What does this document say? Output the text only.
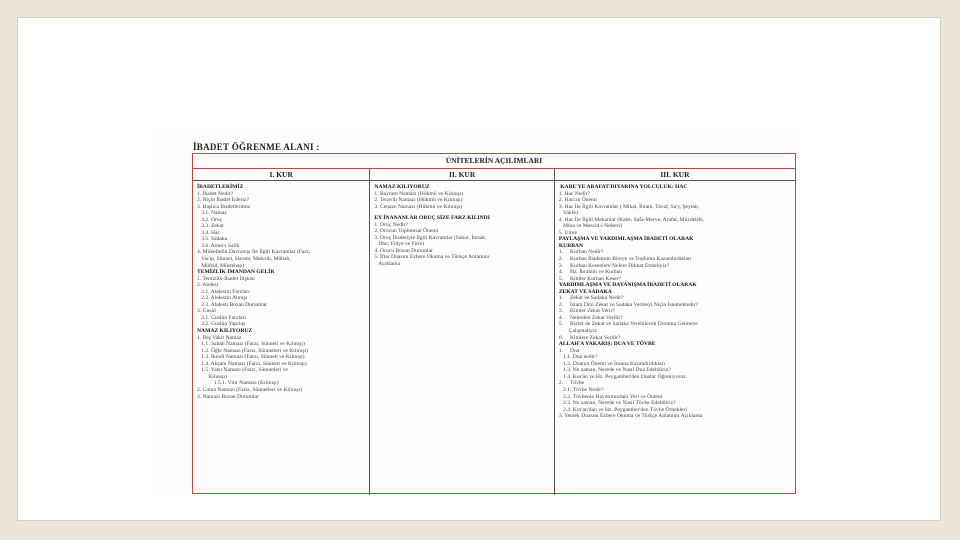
İBADET ÖĞRENME ALANI :
ÜNİTELERİN AÇILIMLARI
I. KUR
İBADETLERİMİZ
1. İbadet Nedir?
2. Niçin İbadet Ederiz?
3. Başlıca İbadetlerimiz
3.1. Namaz
3.2. Oruç
3.3. Zekat
3.4. Hac
3.5. Sadaka
3.6. Amel-i Salih
4. Mükellefin Davranışı İle İlgili Kavramlar (Farz,
Vacip, Sünnet, Haram, Mekruh, Mübah,
Müfsid, Müstehap)
TEMİZLİK İMANDAN GELİR
1. Temizlik-İbadet İlişkisi
2. Abdest
2.1. Abdestin Farzları
2.2. Abdestin Alınışı
2.3. Abdesti Bozan Durumlar
3. Gusül
3.1. Guslün Farzları
3.2. Guslün Yapılışı
NAMAZ KILIYORUZ
1. Beş Vakit Namaz
1.1. Sabah Namazı (Farzı, Sünneti ve Kılınışı)
1.2. Öğle Namazı (Farzı, Sünnetleri ve Kılınışı)
1.3. İkindi Namazı (Farzı, Sünneti ve Kılınışı)
1.4. Akşam Namazı (Farzı, Sünneti ve Kılınışı)
1.5. Yatsı Namazı (Farzı, Sünnetleri ve
Kılınışı)
1.5.1. Vitir Namazı (Kılınışı)
2. Cuma Namazı (Farzı, Sünnetleri ve Kılınışı)
3. Namazı Bozan Durumlar
II. KUR
NAMAZ KILIYORUZ
1. Bayram Namazı (Hükmü ve Kılınışı)
2. Teravih Namazı (Hükmü ve Kılınışı)
3. Cenaze Namazı (Hükmü ve Kılınışı)
EY İNANANLAR ORUÇ SİZE FARZ KILINDI
1. Oruç Nedir?
2. Orucun Toplumsal Önemi
3. Oruç İbadetiyle İlgili Kavramlar (Sahur, İmsak,
İftar, Fidye ve Fitre)
4. Orucu Bozan Durumlar
5. İftar Duasını Ezbere Okuma ve Türkçe Anlamını
Açıklama
III. KUR
KABE'YE ARAFAT'DIYARINA YOLCULUK: HAC
1. Hac Nedir?
2. Haccın Önemi
3. Hac İle İlgili Kavramlar ( Mîkat, İhram, Tavaf, Sa'y, Şeytan,
Vakfe)
4. Hac İle İlgili Mekanlar (Kabe, Safa-Merve, Arafat, Müzdelife,
Mina ve Mescid-i Nebevi)
5. Umre
PAYLAŞMA VE YARDIMLAŞMA İBADETİ OLARAK
KURBAN
1.     Kurban Nedir?
2.     Kurban İbadetinin Bireye ve Topluma Kazandırdıkları
3.     Kurban Kesenlere Nelere Dikkat Etmeliyiz?
4.     Hz. İbrahim ve Kurban
5.     Kimler Kurban Keser?
YARDIMLAŞMA VE DAYANIŞMA İBADETİ OLARAK
ZEKAT VE SADAKA
1.     Zekat ve Sadaka Nedir?
2.     İslam Dini Zekat ve Sadaka Vermeyi Niçin İstemektedir?
3.     Kimler Zekat Verir?
4.     Nelerden Zekat Verilir?
5.     Bizler de Zekat ve Sadaka Verebilecek Duruma Gelmeye
Çalışmalıyız
6.     Kimlere Zekat Verilir?
ALLAH'A YAKARIŞ: DUA VE TÖVBE
1.     Dua
1.1. Dua nedir?
1.2. Duanın Önemi ve İnsana Kazandırdıkları
1.3. Ne zaman, Nerede ve Nasıl Dua Edebiliriz?
1.4. Kur'an ve Hz. Peygamber'den Dualar Öğreniyoruz
2.     Tövbe
2.1. Tövbe Nedir?
2.2. Tövbenin Hayatımızdaki Yeri ve Önemi
2.3. Ne zaman, Nerede ve Nasıl Tövbe Edebiliriz?
2.4. Kur'an'dan ve Hz. Peygamber'den Tövbe Örnekleri
3. Yemek Duasını Ezbere Okuma ve Türkçe Anlamını Açıklama
